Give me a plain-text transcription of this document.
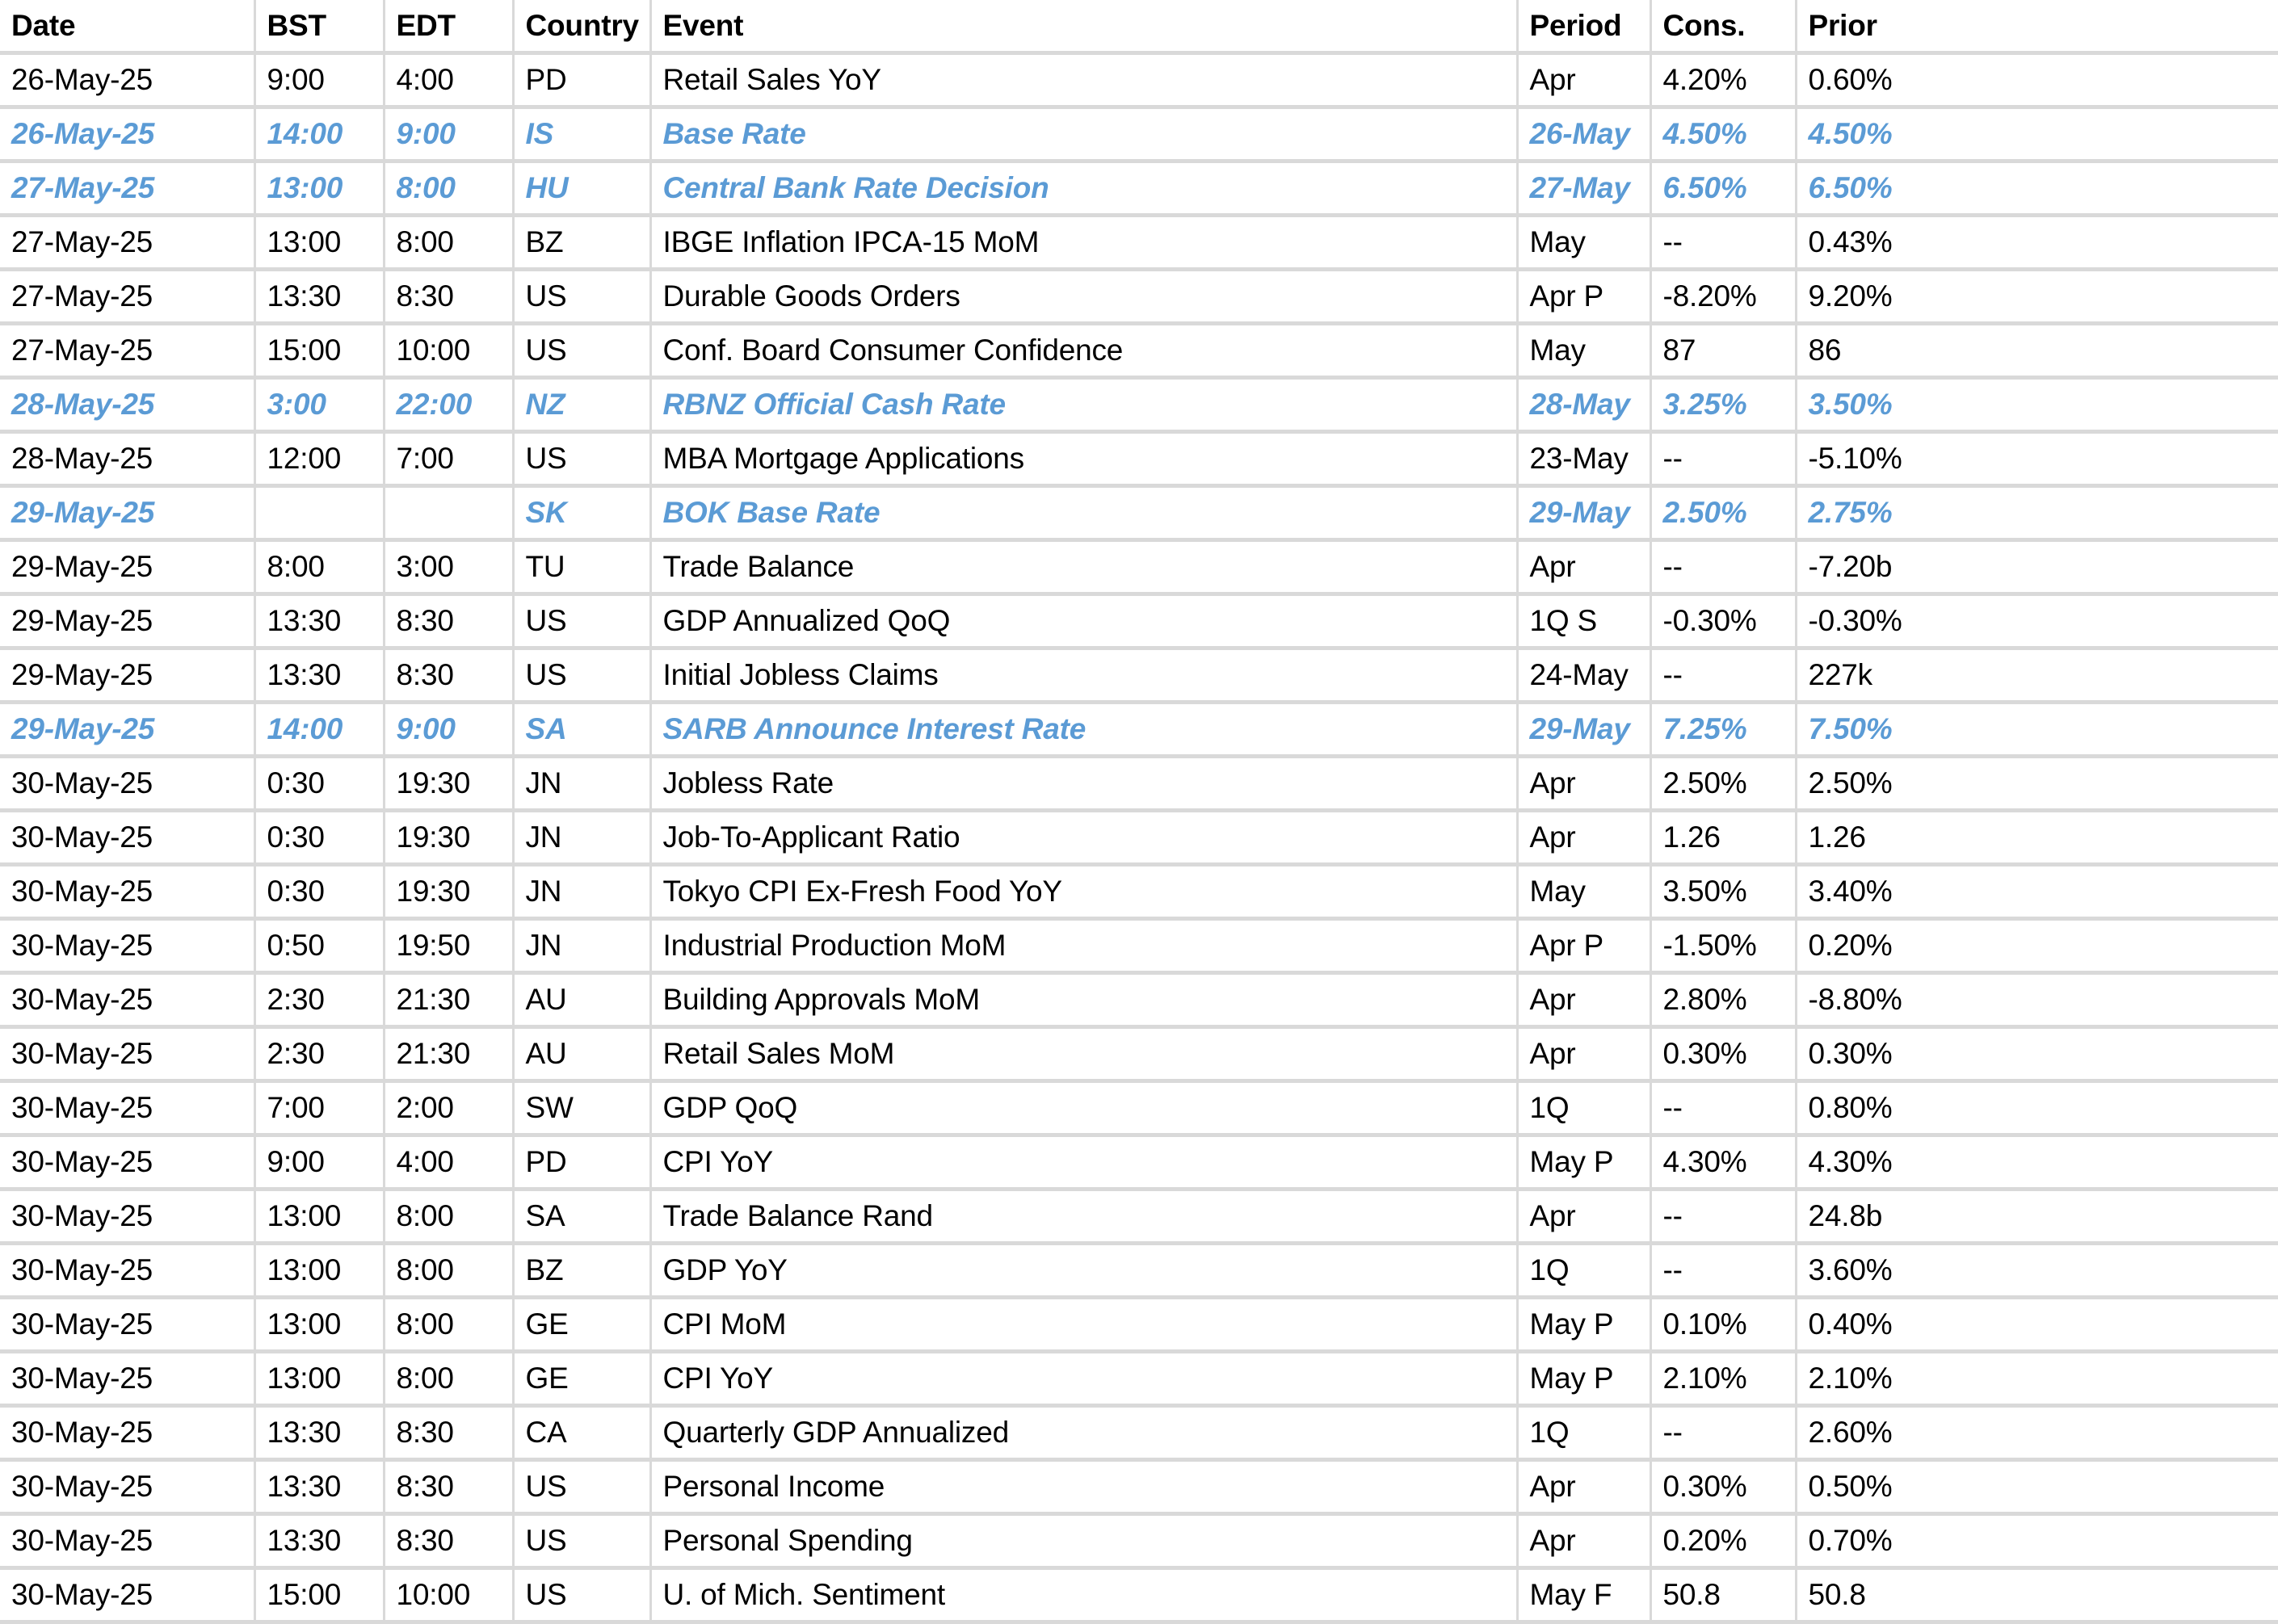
Date	BST	EDT	Country	Event	Period	Cons.	Prior
26-May-25	9:00	4:00	PD	Retail Sales YoY	Apr	4.20%	0.60%
26-May-25	14:00	9:00	IS	Base Rate	26-May	4.50%	4.50%
27-May-25	13:00	8:00	HU	Central Bank Rate Decision	27-May	6.50%	6.50%
27-May-25	13:00	8:00	BZ	IBGE Inflation IPCA-15 MoM	May	--	0.43%
27-May-25	13:30	8:30	US	Durable Goods Orders	Apr P	-8.20%	9.20%
27-May-25	15:00	10:00	US	Conf. Board Consumer Confidence	May	87	86
28-May-25	3:00	22:00	NZ	RBNZ Official Cash Rate	28-May	3.25%	3.50%
28-May-25	12:00	7:00	US	MBA Mortgage Applications	23-May	--	-5.10%
29-May-25			SK	BOK Base Rate	29-May	2.50%	2.75%
29-May-25	8:00	3:00	TU	Trade Balance	Apr	--	-7.20b
29-May-25	13:30	8:30	US	GDP Annualized QoQ	1Q S	-0.30%	-0.30%
29-May-25	13:30	8:30	US	Initial Jobless Claims	24-May	--	227k
29-May-25	14:00	9:00	SA	SARB Announce Interest Rate	29-May	7.25%	7.50%
30-May-25	0:30	19:30	JN	Jobless Rate	Apr	2.50%	2.50%
30-May-25	0:30	19:30	JN	Job-To-Applicant Ratio	Apr	1.26	1.26
30-May-25	0:30	19:30	JN	Tokyo CPI Ex-Fresh Food YoY	May	3.50%	3.40%
30-May-25	0:50	19:50	JN	Industrial Production MoM	Apr P	-1.50%	0.20%
30-May-25	2:30	21:30	AU	Building Approvals MoM	Apr	2.80%	-8.80%
30-May-25	2:30	21:30	AU	Retail Sales MoM	Apr	0.30%	0.30%
30-May-25	7:00	2:00	SW	GDP QoQ	1Q	--	0.80%
30-May-25	9:00	4:00	PD	CPI YoY	May P	4.30%	4.30%
30-May-25	13:00	8:00	SA	Trade Balance Rand	Apr	--	24.8b
30-May-25	13:00	8:00	BZ	GDP YoY	1Q	--	3.60%
30-May-25	13:00	8:00	GE	CPI MoM	May P	0.10%	0.40%
30-May-25	13:00	8:00	GE	CPI YoY	May P	2.10%	2.10%
30-May-25	13:30	8:30	CA	Quarterly GDP Annualized	1Q	--	2.60%
30-May-25	13:30	8:30	US	Personal Income	Apr	0.30%	0.50%
30-May-25	13:30	8:30	US	Personal Spending	Apr	0.20%	0.70%
30-May-25	15:00	10:00	US	U. of Mich. Sentiment	May F	50.8	50.8
